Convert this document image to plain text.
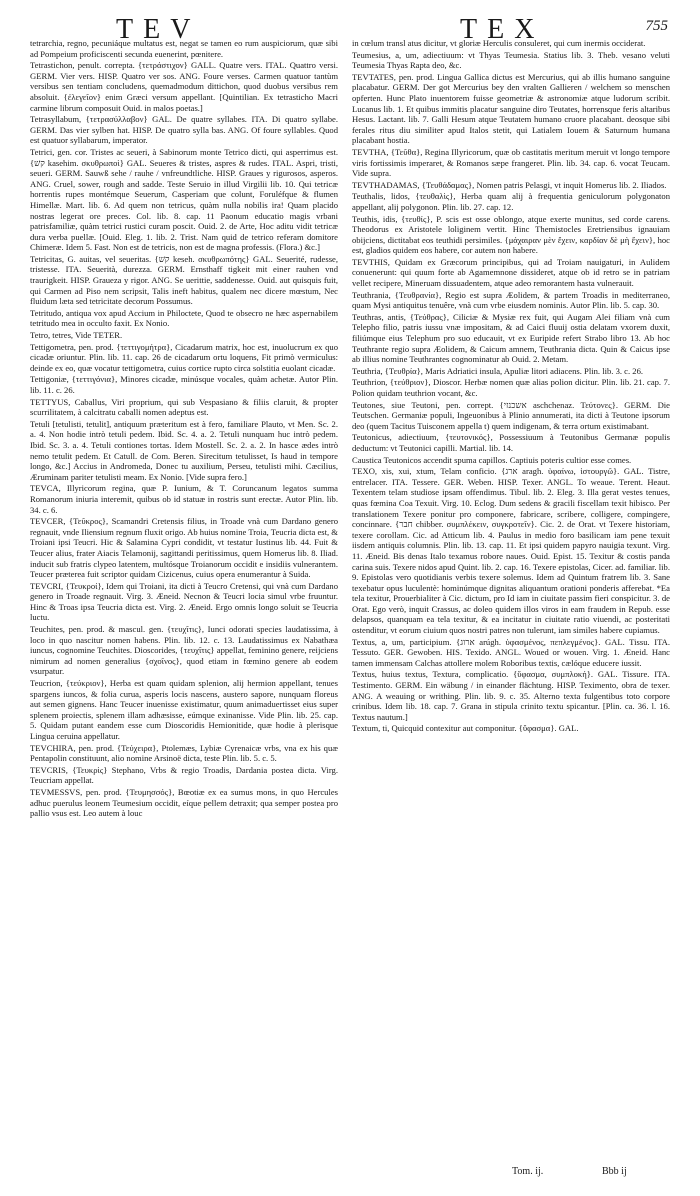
TEV	TEX	755

tetrarchia, regno, pecuniáque multatus est, negat se tamen eo rum auspiciorum, quæ sibi ad Pompeium proficiscenti secunda euenerint, pœnitere.

Tetrastichon, penult. correpta. {τετράστιχον} GALL. Quatre vers. ITAL. Quattro versi. GERM. Vier vers. HISP. Quatro ver sos. ANG. Foure verses. Carmen quatuor tantùm versibus sen tentiam concludens, quemadmodum dittichon, quod duobus versibus rem absoluit. {ἐλεγεῖον} enim Græci versum appellant. [Quintilian. Ex tetrasticho Macri carmine librum composuit Ouid. in malos poetas.]

Tetrasyllabum, {τετρασύλλαβον} GAL. De quatre syllabes. ITA. Di quatro syllabe. GERM. Das vier sylben hat. HISP. De quatro sylla bas. ANG. Of foure syllables. Quod est quatuor syllabarum, imperator.

Tetrici, gen. cor. Tristes ac seueri, à Sabinorum monte Tetrico dicti, qui asperrimus est. {קשׁ kasehim. σκυθρωποὶ} GAL. Seueres & tristes, aspres & rudes. ITAL. Aspri, tristi, seueri. GERM. Sauwß sehe / rauhe / vnfreundtliche. HISP. Graues y rigurosos, asperos. ANG. Cruel, sower, rough and sadde. Teste Seruio in illud Virgilii lib. 10. Qui tetricæ horrentis rupes montémque Seuerum, Casperiam que colunt, Foruléfque & flumen Himellæ. Mart. lib. 6. Ad quem non tetricus, quàm nulla nobilis ira! Quam placido nostras legerat ore preces. Col. lib. 8. cap. 11 Paonum educatio magis vrbani patrisfamiliæ, quàm tetrici rustici curam poscit. Ouid. 2. de Arte, Hoc aditu vidit tetricæ dura verba puellæ. [Ouid. Eleg. 1. lib. 2. Trist. Nam quid de tetrico referam domitore Chimeræ. Idem 5. Fast. Non est de tetricis, non est de magna professis. (Flora.) &c.]

Tetricitas, G. auitas, vel seueritas. {קשׁ keseh. σκυθρωπότης} GAL. Seuerité, rudesse, tristesse. ITA. Seuerità, durezza. GERM. Ernsthaff tigkeit mit einer rauhen vnd traurigkeit. HISP. Graueza y rigor. ANG. Se uerittie, saddenesse. Ouid. aut quisquis fuit, qui Carmen ad Piso nem scripsit, Talis ineft habitus, qualem nec dicere mœstum, Nec fluidum læta sed tetricitate decorum Possumus.

Tetritudo, antiqua vox apud Accium in Philoctete, Quod te obsecro ne hæc aspernabilem tetritudo mea in occulto faxit. Ex Nonio.

Tetro, tetres, Vide TETER.

Tettigometra, pen. prod. {τεττιγομήτρα}, Cicadarum matrix, hoc est, inuolucrum ex quo cicadæ oriuntur. Plin. lib. 11. cap. 26 de cicadarum ortu loquens, Fit primò vermiculus: deinde ex eo, quæ vocatur tettigometra, cuius cortice rupto circa solstitia euolant cicadæ.

Tettigoniæ, {τεττιγόνια}, Minores cicadæ, minúsque vocales, quàm achetæ. Autor Plin. lib. 11. c. 26.

TETTYUS, Caballus, Viri proprium, qui sub Vespasiano & filiis claruit, & propter scurrilitatem, à calcitratu caballi nomen adeptus est.

Tetuli [tetulisti, tetulit], antiquum præteritum est à fero, familiare Plauto, vt Men. Sc. 2. a. 4. Non hodie intrò tetuli pedem. Ibid. Sc. 4. a. 2. Tetuli nunquam huc intrò pedem. Ibid. Sc. 3. a. 4. Tetuli contiones tortas. Idem Mostell. Sc. 2. a. 2. In hasce ædes intrò nemo tetulit pedem. Et Catull. de Com. Beren. Sirecitum tetulisset, Is haud in tempore longo, &c.] Accius in Andromeda, Donec tu auxilium, Perseu, tetulisti mihi. Cæcilius, Æruminam pariter tetulisti meam. Ex Nonio. [Vide supra fero.]

TEVCA, Illyricorum regina, quæ P. Iunium, & T. Coruncanum legatos summa Romanorum iniuria interemit, quibus ob id statuæ in rostris sunt erectæ. Autor Plin. lib. 34. c. 6.

TEVCER, {Τεῦκρος}, Scamandri Cretensis filius, in Troade vnà cum Dardano genero regnauit, vnde Iliensium regnum fluxit origo. Ab huius nomine Troia, Teucria dicta est, & Troiani ipsi Teucri. Hic & Salamina Cypri condidit, vt testatur Iustinus lib. 44. Fuit & Teucer alius, frater Aiacis Telamonij, sagittandi peritissimus, quem Homerus lib. 8. Iliad. inducit sub fratris clypeo latentem, multósque Troianorum occidit e insidiis vulnerantem. Teucer præterea fuit scriptor quidam Cizicenus, cuius opera enumerantur à Suida.

TEVCRI, {Τευκροί}, Idem qui Troiani, ita dicti à Teucro Cretensi, qui vnà cum Dardano genero in Troade regnauit. Virg. 3. Æneid. Necnon & Teucri locia simul vrbe fruuntur. Hinc & Troas ipsa Teucria dicta est. Virg. 2. Æneid. Ergo omnis longo soluit se Teucria luctu.

Teuchites, pen. prod. & mascul. gen. {τευχῖτις}, Iunci odorati species laudatissima, à loco in quo nascitur nomen habens. Plin. lib. 12. c. 13. Laudatissimus ex Nabathæa iuncus, cognomine Teuchites. Dioscorides, {τευχῖτις} appellat, feminino genere, reijciens nimirum ad nomen generalius {σχοῖνος}, quod etiam in fœmino genere ab eodem vsurpatur.

Teucrion, {τεύκριον}, Herba est quam quidam splenion, alij hermion appellant, tenues spargens iuncos, & folia curua, asperis locis nascens, austero sapore, nunquam floreus aut semen gignens. Hanc Teucer inuenisse existimatur, quum animaduertisset eius super splenem proiectis, splenem illam adhæsisse, eúmque exinanisse. Vide Plin. lib. 25. cap. 5. Quidam putant eandem esse cum Dioscoridis Hemionitide, quæ hodie à plerisque Lingua ceruina appellatur.

TEVCHIRA, pen. prod. {Τεύχειρα}, Ptolemæs, Lybiæ Cyrenaicæ vrbs, vna ex his quæ Pentapolin constituunt, alio nomine Arsinoë dicta, teste Plin. lib. 5. c. 5.

TEVCRIS, {Τευκρὶς} Stephano, Vrbs & regio Troadis, Dardania postea dicta. Virg. Teucriam appellat.

TEVMESSVS, pen. prod. {Τευμησσός}, Bœotiæ ex ea sumus mons, in quo Hercules adhuc puerulus leonem Teumesium occidit, eíque pellem detraxit; qua semper postea pro pallio vsus est. Leo autem à louc

in cœlum transl atus dicitur, vt gloriæ Herculis consuleret, qui cum inermis occiderat.

Teumesius, a, um, adiectiuum: vt Thyas Teumesia. Statius lib. 3. Theb. vesano veluti Teumesia Thyas Rapta deo, &c.

TEVTATES, pen. prod. Lingua Gallica dictus est Mercurius, qui ab illis humano sanguine placabatur. GERM. Der got Mercurius bey den vralten Gallieren / welchem so menschen opferten. Hunc Plato inuentorem fuisse geometriæ & astronomiæ atque ludorum scribit. Lucanus lib. 1. Et quibus immitis placatur sanguine diro Teutates, horrensque feris altaribus Hesus. Lactant. lib. 7. Galli Hesum atque Teutatem humano cruore placabant. deosque sibi ferales ritus diu similiter apud Italos stetit, qui Latialem Iouem & Saturnum humana placabant hostia.

TEVTHA, {Τεῦθα}, Regina Illyricorum, quæ ob castitatis meritum meruit vt longo tempore viris fortissimis imperaret, & Romanos sæpe frangeret. Plin. lib. 34. cap. 6. vocat Teucam. Vide supra.

TEVTHADAMAS, {Τευθάδαμας}, Nomen patris Pelasgi, vt inquit Homerus lib. 2. Iliados.

Teuthalis, lidos, {τευθαλὶς}, Herba quam alij à frequentia geniculorum polygonaton appellant, alij polygonon. Plin. lib. 27. cap. 12.

Teuthis, idis, {τευθίς}, P. scis est osse oblongo, atque exerte munitus, sed corde carens. Theodorus ex Aristotele loliginem vertit. Hinc Themistocles Eretriensibus ignauiam obijciens, dictitabat eos teuthidi persimiles. {μάχαιραν μὲν ἔχειν, καρδίαν δὲ μὴ ἔχειν}, hoc est, gladios quidem eos habere, cor autem non habere.

TEVTHIS, Quidam ex Græcorum principibus, qui ad Troiam nauigaturi, in Aulidem conuenerunt: qui quum forte ab Agamemnone dissideret, atque ob id retro se in patriam vellet recipere, Mineruam dissuadentem, atque adeo remorantem hasta vulnerauit.

Teuthrania, {Τευθρανία}, Regio est supra Æolidem, & partem Troadis in mediterraneo, quam Mysi antiquitus tenuêre, vnà cum vrbe eiusdem nominis. Autor Plin. lib. 5. cap. 30.

Teuthras, antis, {Τεύθρας}, Ciliciæ & Mysiæ rex fuit, qui Augam Alei filiam vnà cum Telepho filio, patris iussu vnæ impositam, & ad Caici fluuij ostia delatam vxorem duxit, filiúmque eius Telephum pro suo educauit, vt ex Euripide refert Strabo libro 13. Ab hoc Teuthrante regio supra Æolidem, & Caicum amnem, Teuthrania dicta. Quin & Caicus ipse ab illius nomine Teuthrantes cognominatur ab Ouid. 2. Metam.

Teuthria, {Τευθρία}, Maris Adriatici insula, Apuliæ litori adiacens. Plin. lib. 3. c. 26.

Teuthrion, {τεύθριον}, Dioscor. Herbæ nomen quæ alias polion dicitur. Plin. lib. 21. cap. 7. Polion quidam teuthrion vocant, &c.

Teutones, siue Teutoni, pen. corrept. {אשכנזי aschchenaz. Τεύτονες}. GERM. Die Teutschen. Germaniæ populi, Ingeuonibus à Plinio annumerati, ita dicti à Teutone ipsorum deo (quem Tacitus Tuisconem appella t) quem indigenam, & terra ortum existimabant.

Teutonicus, adiectiuum, {τευτονικός}, Possessiuum à Teutonibus Germanæ populis deductum: vt Teutonici capilli. Martial. lib. 14.

Caustica Teutonicos accendit spuma capillos. Captiuis poteris cultior esse comes.

TEXO, xis, xui, xtum, Telam conficio. {ארג aragh. ὑφαίνω, ἱστουργῶ}. GAL. Tistre, entrelacer. ITA. Tessere. GER. Weben. HISP. Texer. ANGL. To weaue. Terent. Heaut. Texentem telam studiose ipsam offendimus. Tibul. lib. 2. Eleg. 3. Illa gerat vestes tenues, quas fœmina Coa Texuit. Virg. 10. Eclog. Dum sedens & gracili fiscellam texit hibisco. Per translationem Texere ponitur pro componere, fabricare, scribere, colligere, compingere, concinnare. {חבר chibber. συμπλέκειν, συγκροτεῖν}. Cic. 2. de Orat. vt Texere historiam, texere corollam. Cic. ad Atticum lib. 4. Paulus in medio foro basilicam iam pene texuit iisdem antiquis columnis. Plin. lib. 13. cap. 11. Et ipsi quidem papyro nauigia texunt. Virg. 11. Æneid. Bis denas Italo texamus robore naues. Ouid. Epist. 15. Texitur & costis panda carina suis. Texere nidos apud Quint. lib. 2. cap. 16. Texere epistolas, Cicer. ad. familiar. lib. 9. Epistolas vero quotidianis verbis texere solemus. Idem ad Quintum fratrem lib. 3. Sane texebatur opus luculentè: hominúmque dignitas aliquantum orationi ponderis afferebat. *Ea tela texitur, Prouerbialiter à Cic. dictum, pro Id iam in ciuitate passim fieri conspicitur. 3. de Orat. Ego verò, inquit Crassus, ac doleo quidem illos viros in eam fraudem in Repub. esse delapsos, quanquam ea tela texitur, & ea incitatur in ciuitate ratio viuendi, ac posteritati ostenditur, vt eorum ciuium quos nostri patres non tulerunt, iam similes habere cupiamus.

Textus, a, um, participium. {ארוג arúgh. ὑφασμένος, πεπλεγμένος}. GAL. Tissu. ITA. Tessuto. GER. Gewoben. HIS. Texido. ANGL. Woued or wouen. Virg. 1. Æneid. Hanc tamen immensam Calchas attollere molem Roboribus textis, cælóque educere iussit.

Textus, huius textus, Textura, complicatio. {ὕφασμα, συμπλοκή}. GAL. Tissure. ITA. Testimento. GERM. Ein wäbung / in einander flächtung. HISP. Teximento, obra de texer. ANG. A weauing or writhing. Plin. lib. 9. c. 35. Alterno texta fulgentibus toto corpore crinibus. Idem lib. 18. cap. 7. Grana in stipula crinito textu spicantur. [Plin. ca. 36. l. 16. Textus nautum.]

Textum, ti, Quicquid contexitur aut componitur. {ὕφασμα}. GAL.

Tom. ij.	Bbb ij
